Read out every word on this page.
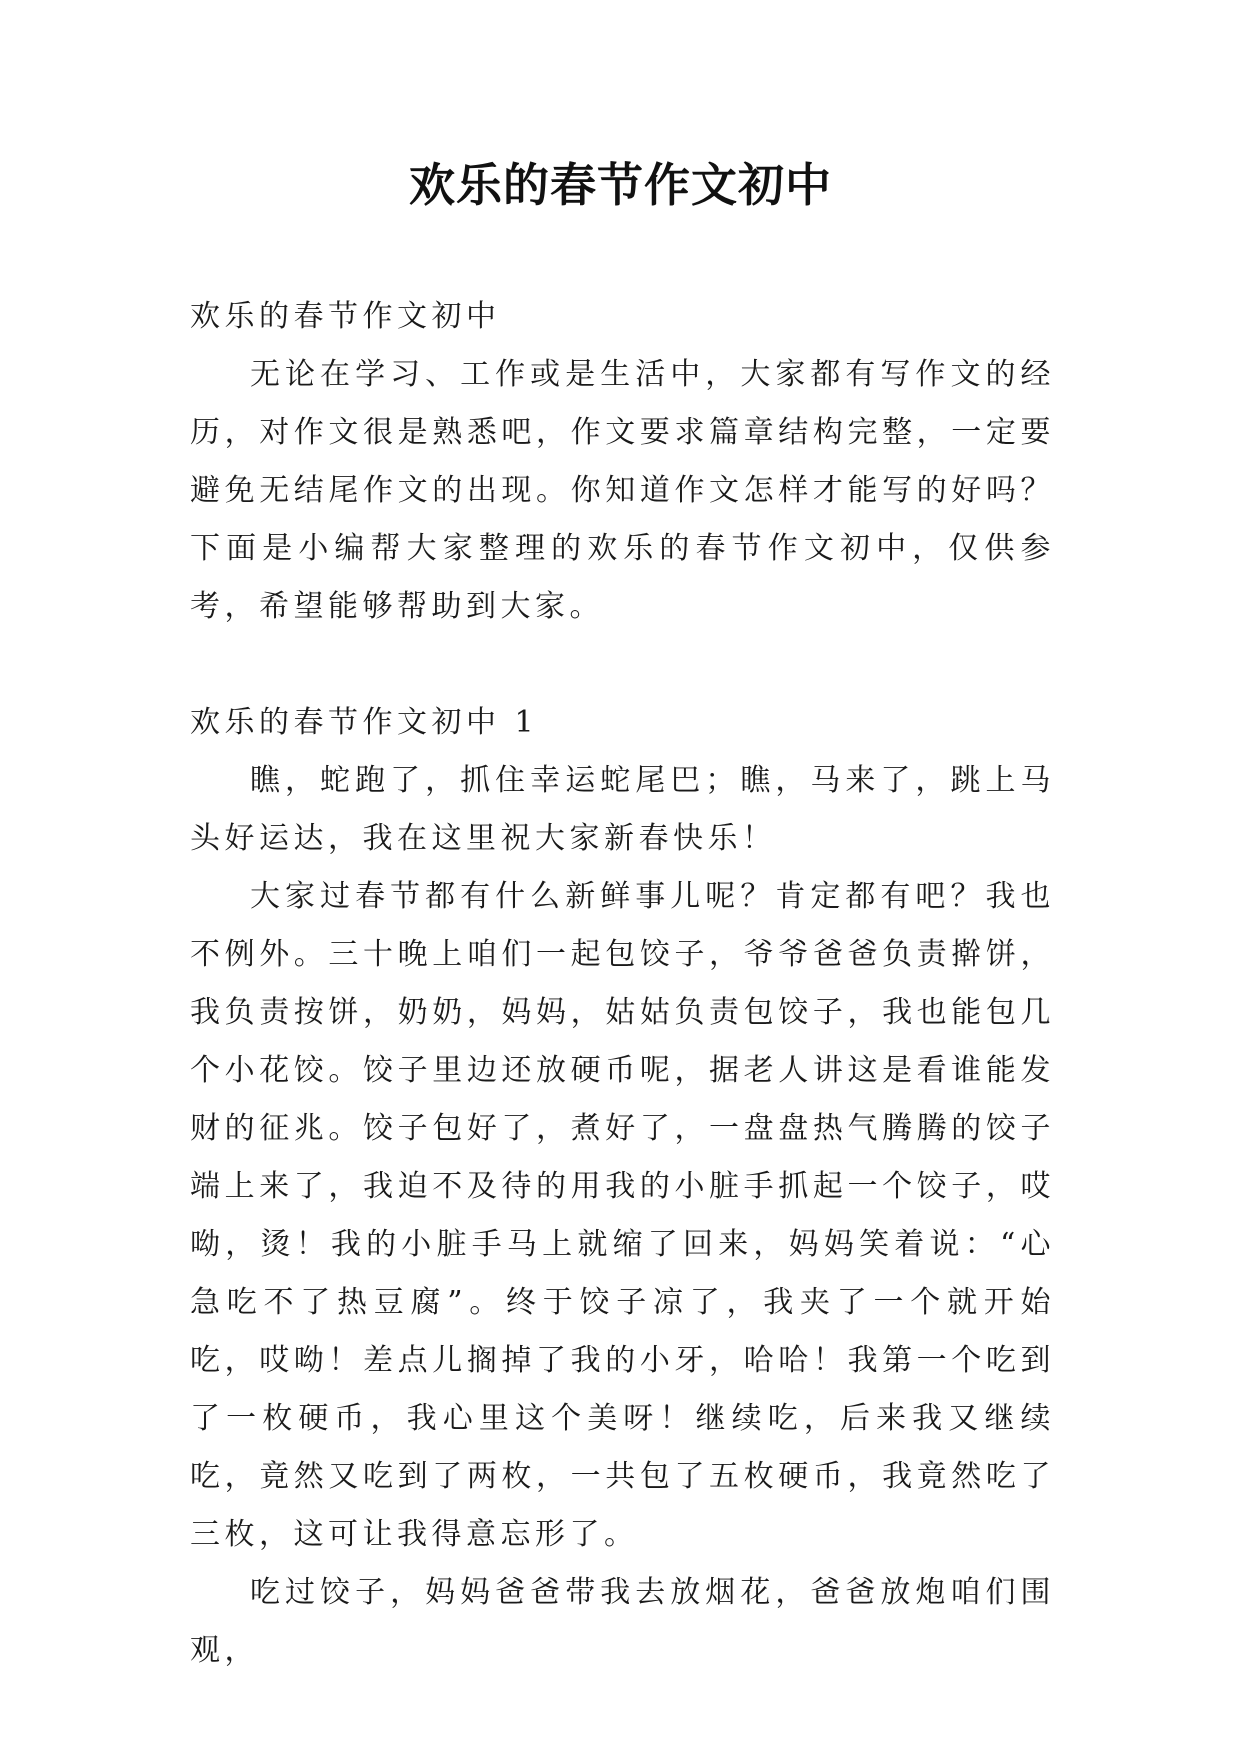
欢乐的春节作文初中

欢乐的春节作文初中

无论在学习、工作或是生活中，大家都有写作文的经历，对作文很是熟悉吧，作文要求篇章结构完整，一定要避免无结尾作文的出现。你知道作文怎样才能写的好吗？下面是小编帮大家整理的欢乐的春节作文初中，仅供参考，希望能够帮助到大家。

欢乐的春节作文初中 1

瞧，蛇跑了，抓住幸运蛇尾巴；瞧，马来了，跳上马头好运达，我在这里祝大家新春快乐！

大家过春节都有什么新鲜事儿呢？肯定都有吧？我也不例外。三十晚上咱们一起包饺子，爷爷爸爸负责擀饼，我负责按饼，奶奶，妈妈，姑姑负责包饺子，我也能包几个小花饺。饺子里边还放硬币呢，据老人讲这是看谁能发财的征兆。饺子包好了，煮好了，一盘盘热气腾腾的饺子端上来了，我迫不及待的用我的小脏手抓起一个饺子，哎呦，烫！我的小脏手马上就缩了回来，妈妈笑着说：“心急吃不了热豆腐”。终于饺子凉了，我夹了一个就开始吃，哎呦！差点儿搁掉了我的小牙，哈哈！我第一个吃到了一枚硬币，我心里这个美呀！继续吃，后来我又继续吃，竟然又吃到了两枚，一共包了五枚硬币，我竟然吃了三枚，这可让我得意忘形了。

吃过饺子，妈妈爸爸带我去放烟花，爸爸放炮咱们围观，
